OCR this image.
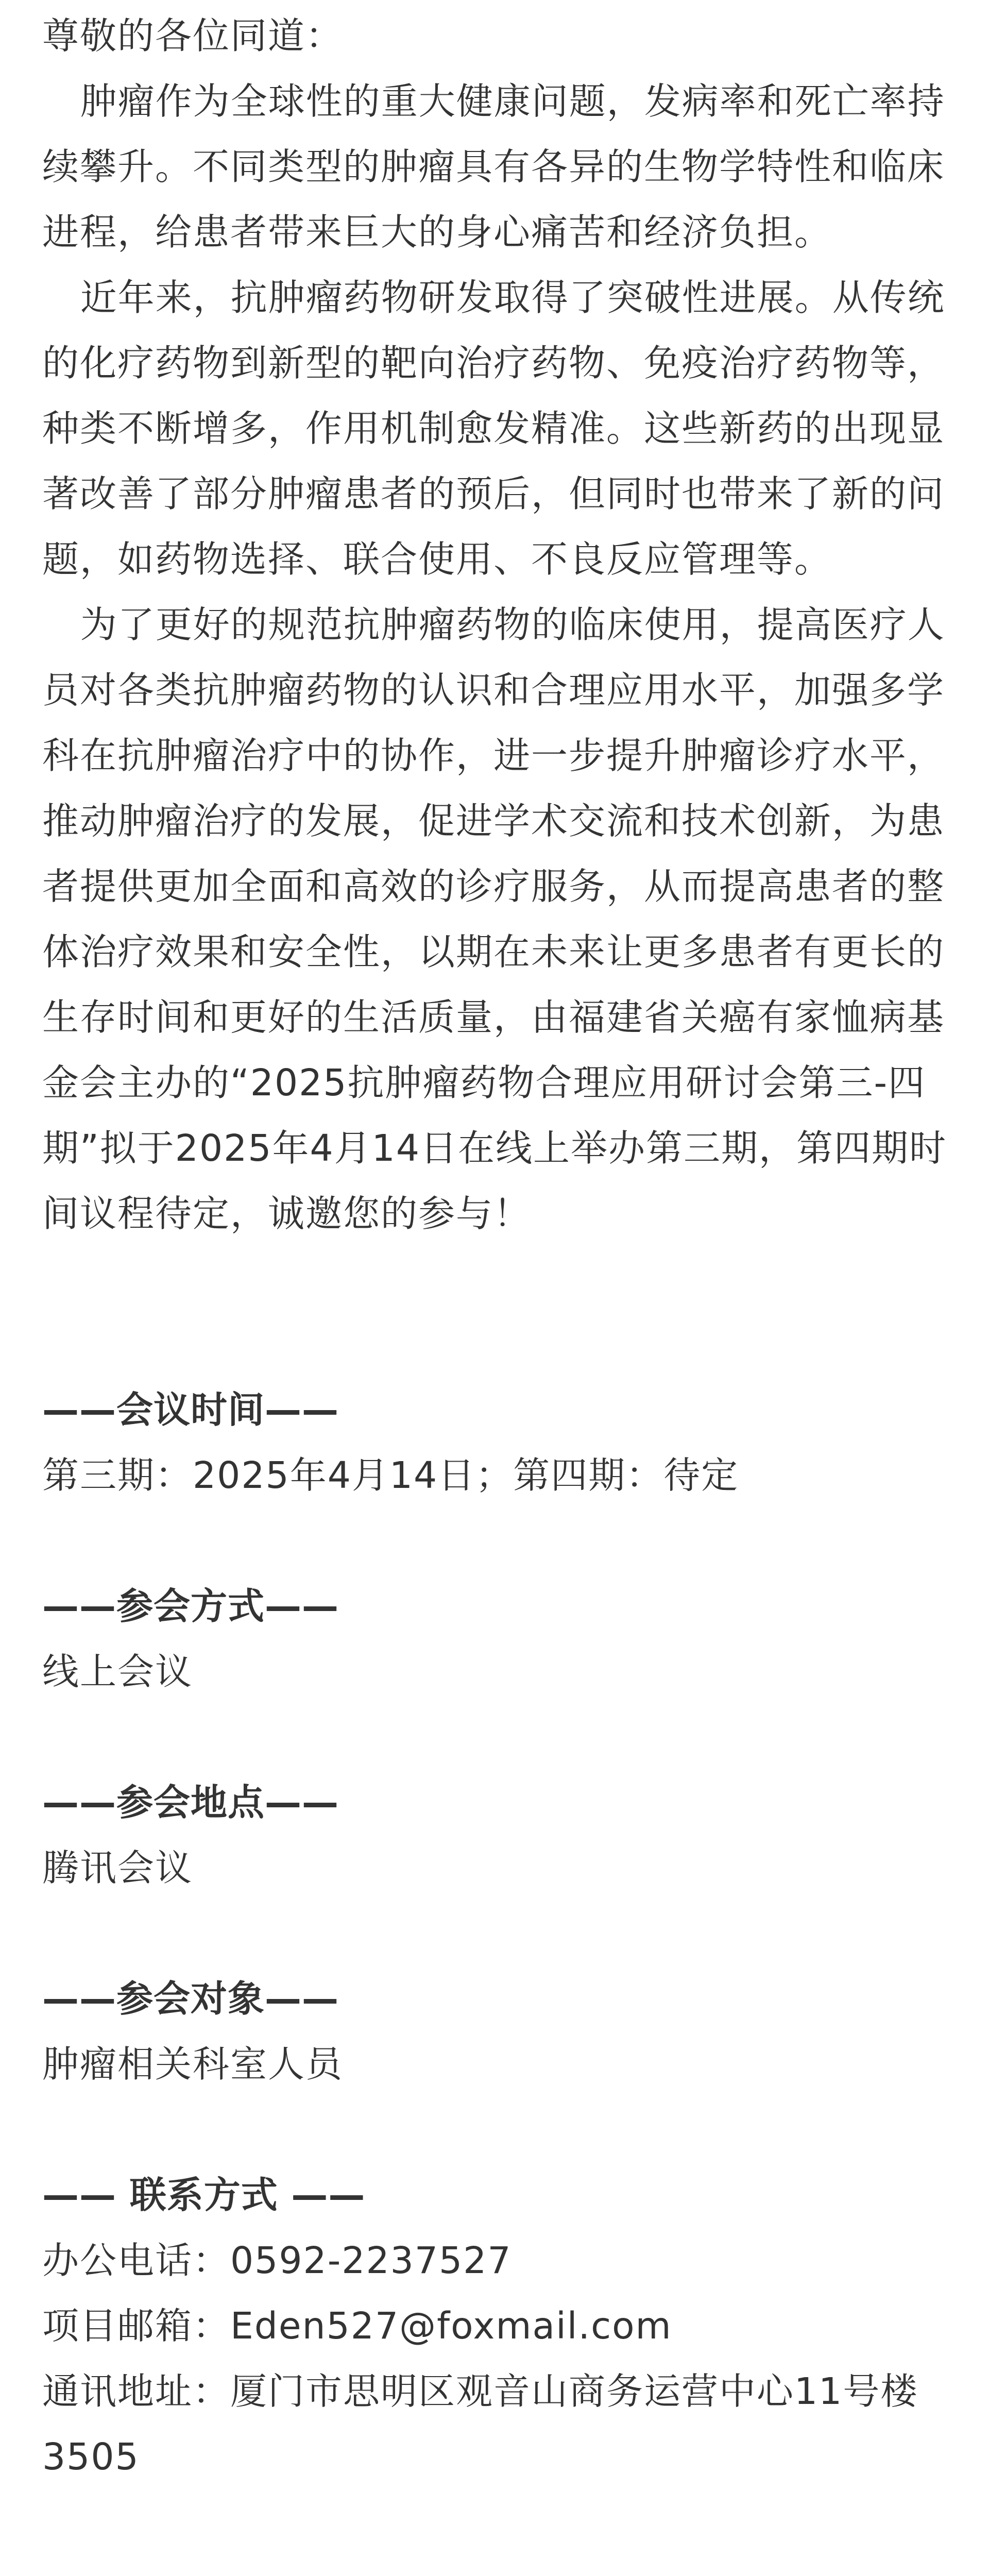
尊敬的各位同道：

肿瘤作为全球性的重大健康问题，发病率和死亡率持

续攀升。不同类型的肿瘤具有各异的生物学特性和临床

进程，给患者带来巨大的身心痛苦和经济负担。

近年来，抗肿瘤药物研发取得了突破性进展。从传统

的化疗药物到新型的靶向治疗药物、免疫治疗药物等，

种类不断增多，作用机制愈发精准。这些新药的出现显

著改善了部分肿瘤患者的预后，但同时也带来了新的问

题，如药物选择、联合使用、不良反应管理等。

为了更好的规范抗肿瘤药物的临床使用，提高医疗人

员对各类抗肿瘤药物的认识和合理应用水平，加强多学

科在抗肿瘤治疗中的协作，进一步提升肿瘤诊疗水平，

推动肿瘤治疗的发展，促进学术交流和技术创新，为患

者提供更加全面和高效的诊疗服务，从而提高患者的整

体治疗效果和安全性，以期在未来让更多患者有更长的

生存时间和更好的生活质量，由福建省关癌有家恤病基

金会主办的“2025抗肿瘤药物合理应用研讨会第三-四

期”拟于2025年4月14日在线上举办第三期，第四期时

间议程待定，诚邀您的参与！

——会议时间——

第三期：2025年4月14日；第四期：待定

——参会方式——

线上会议

——参会地点——

腾讯会议

——参会对象——

肿瘤相关科室人员

—— 联系方式 ——

办公电话：0592-2237527

项目邮箱：Eden527@foxmail.com

通讯地址：厦门市思明区观音山商务运营中心11号楼

3505
